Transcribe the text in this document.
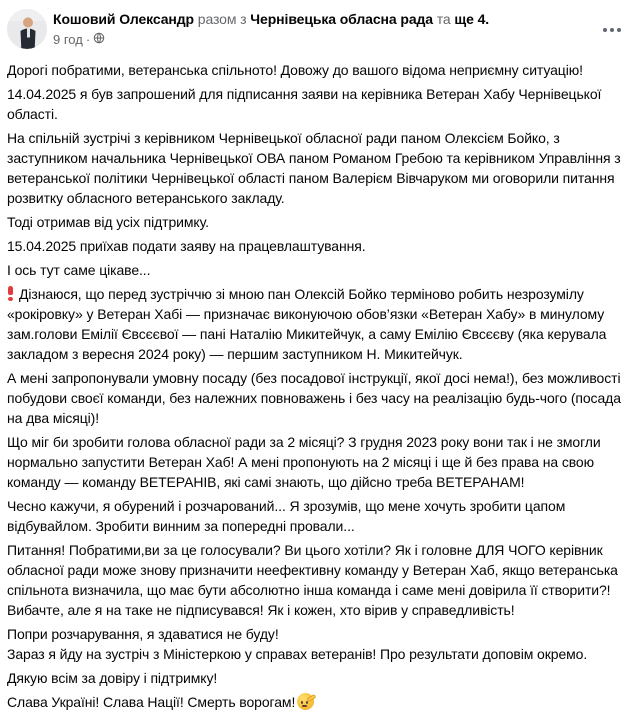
Кошовий Олександр разом з Чернівецька обласна рада та ще 4.
9 год ·

Дорогі побратими, ветеранська спільното! Довожу до вашого відома неприємну ситуацію!

14.04.2025 я був запрошений для підписання заяви на керівника Ветеран Хабу Чернівецької області.

На спільній зустрічі з керівником Чернівецької обласної ради паном Олексієм Бойко, з заступником начальника Чернівецької ОВА паном Романом Гребою та керівником Управління з ветеранської політики Чернівецької області паном Валерієм Вівчаруком ми оговорили питання розвитку обласного ветеранського закладу.

Тоді отримав від усіх підтримку.

15.04.2025 приїхав подати заяву на працевлаштування.

І ось тут саме цікаве...

Дізнаюся, що перед зустріччю зі мною пан Олексій Бойко терміново робить незрозумілу «рокіровку» у Ветеран Хабі — призначає виконуючою обов’язки «Ветеран Хабу» в минулому зам.голови Емілії Євсєєвої — пані Наталію Микитейчук, а саму Емілію Євсєєву (яка керувала закладом з вересня 2024 року) — першим заступником Н. Микитейчук.

А мені запропонували умовну посаду (без посадової інструкції, якої досі нема!), без можливості побудови своєї команди, без належних повноважень і без часу на реалізацію будь-чого (посада на два місяці)!

Що міг би зробити голова обласної ради за 2 місяці? З грудня 2023 року вони так і не змогли нормально запустити Ветеран Хаб! А мені пропонують на 2 місяці і ще й без права на свою команду — команду ВЕТЕРАНІВ, які самі знають, що дійсно треба ВЕТЕРАНАМ!

Чесно кажучи, я обурений і розчарований... Я зрозумів, що мене хочуть зробити цапом відбувайлом. Зробити винним за попередні провали...

Питання! Побратими,ви за це голосували? Ви цього хотіли? Як і головне ДЛЯ ЧОГО керівник обласної ради може знову призначити неефективну команду у Ветеран Хаб, якщо ветеранська спільнота визначила, що має бути абсолютно інша команда і саме мені довірила її створити?! Вибачте, але я на таке не підписувався! Як і кожен, хто вірив у справедливість!

Попри розчарування, я здаватися не буду!
Зараз я йду на зустріч з Міністеркою у справах ветеранів! Про результати доповім окремо.

Дякую всім за довіру і підтримку!

Слава Україні! Слава Нації! Смерть ворогам!
